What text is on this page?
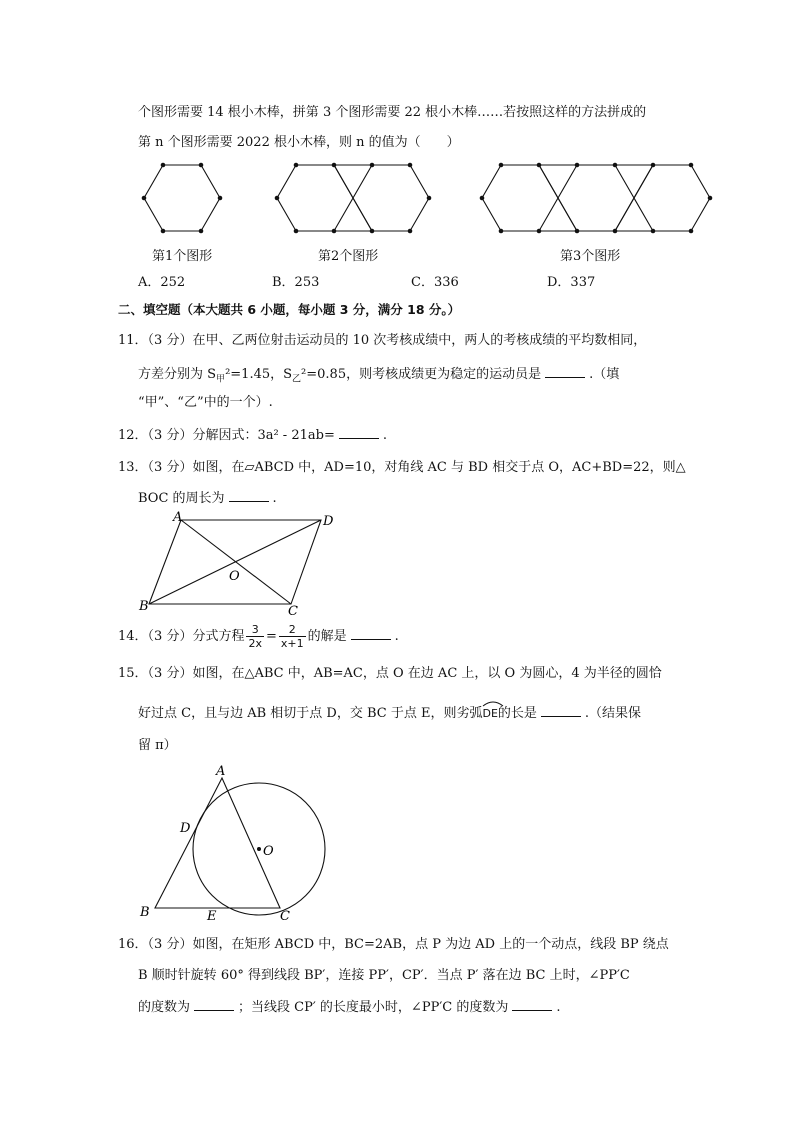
个图形需要 14 根小木棒，拼第 3 个图形需要 22 根小木棒……若按照这样的方法拼成的
第 n 个图形需要 2022 根小木棒，则 n 的值为（　　）
第1个图形	第2个图形	第3个图形
A．252	B．253	C．336	D．337
二、填空题（本大题共 6 小题，每小题 3 分，满分 18 分。）
11．（3 分）在甲、乙两位射击运动员的 10 次考核成绩中，两人的考核成绩的平均数相同，
方差分别为 $S_甲^2=1.45$，$S_乙^2=0.85$，则考核成绩更为稳定的运动员是	.（填
“甲”、“乙”中的一个）.
12．（3 分）分解因式：3a² - 21ab=	.
13．（3 分）如图，在▱ABCD 中，AD=10，对角线 AC 与 BD 相交于点 O，AC+BD=22，则△
BOC 的周长为	.
A	D
B	C
O
14．（3 分）分式方程 $\frac{3}{2x} = \frac{2}{x+1}$ 的解是	.
15．（3 分）如图，在△ABC 中，AB=AC，点 O 在边 AC 上，以 O 为圆心，4 为半径的圆恰
好过点 C，且与边 AB 相切于点 D，交 BC 于点 E，则劣弧
DE的长是	.（结果保
留 π）
A
D
O
B	E	C
16．（3 分）如图，在矩形 ABCD 中，BC=2AB，点 P 为边 AD 上的一个动点，线段 BP 绕点
B 顺时针旋转 60° 得到线段 BP′，连接 PP′，CP′．当点 P′ 落在边 BC 上时，∠PP′C
的度数为	；当线段 CP′ 的长度最小时，∠PP′C 的度数为	.
